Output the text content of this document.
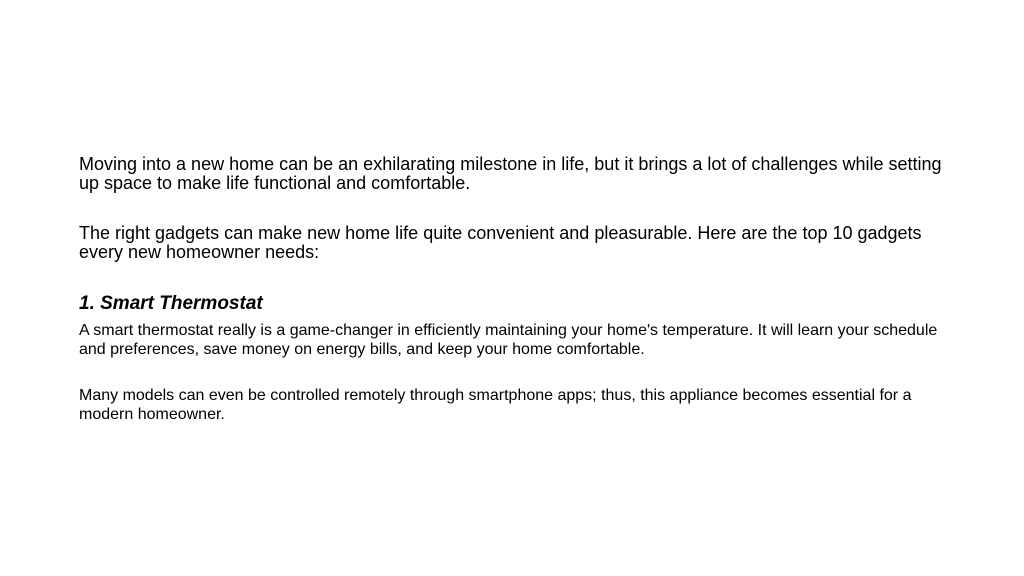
Moving into a new home can be an exhilarating milestone in life, but it brings a lot of challenges while setting up space to make life functional and comfortable.

The right gadgets can make new home life quite convenient and pleasurable. Here are the top 10 gadgets every new homeowner needs:

1. Smart Thermostat

A smart thermostat really is a game-changer in efficiently maintaining your home's temperature. It will learn your schedule and preferences, save money on energy bills, and keep your home comfortable.

Many models can even be controlled remotely through smartphone apps; thus, this appliance becomes essential for a modern homeowner.
